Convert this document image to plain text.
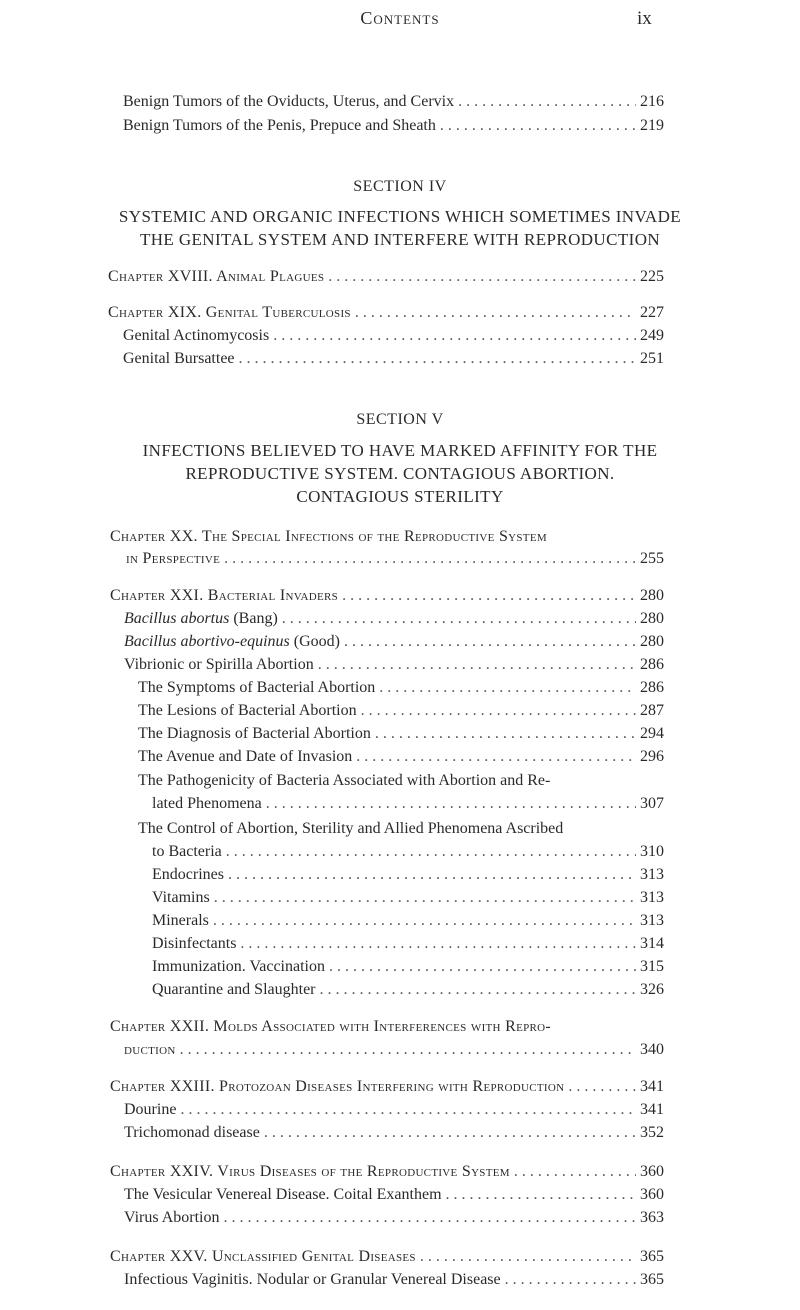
Contents	ix
Benign Tumors of the Oviducts, Uterus, and Cervix . . .	216
Benign Tumors of the Penis, Prepuce and Sheath . . .	219
SECTION IV
SYSTEMIC AND ORGANIC INFECTIONS WHICH SOMETIMES INVADE
THE GENITAL SYSTEM AND INTERFERE WITH REPRODUCTION
Chapter XVIII. Animal Plagues . . .	225
Chapter XIX. Genital Tuberculosis . . .	227
Genital Actinomycosis . . .	249
Genital Bursattee . . .	251
SECTION V
INFECTIONS BELIEVED TO HAVE MARKED AFFINITY FOR THE
REPRODUCTIVE SYSTEM. CONTAGIOUS ABORTION.
CONTAGIOUS STERILITY
Chapter XX. The Special Infections of the Reproductive System
in Perspective . . .	255
Chapter XXI. Bacterial Invaders . . .	280
Bacillus abortus (Bang) . . .	280
Bacillus abortivo-equinus (Good) . . .	280
Vibrionic or Spirilla Abortion . . .	286
The Symptoms of Bacterial Abortion . . .	286
The Lesions of Bacterial Abortion . . .	287
The Diagnosis of Bacterial Abortion . . .	294
The Avenue and Date of Invasion . . .	296
The Pathogenicity of Bacteria Associated with Abortion and Re-
lated Phenomena . . .	307
The Control of Abortion, Sterility and Allied Phenomena Ascribed
to Bacteria . . .	310
Endocrines . . .	313
Vitamins . . .	313
Minerals . . .	313
Disinfectants . . .	314
Immunization. Vaccination . . .	315
Quarantine and Slaughter . . .	326
Chapter XXII. Molds Associated with Interferences with Repro-
duction . . .	340
Chapter XXIII. Protozoan Diseases Interfering with Reproduction . . .	341
Dourine . . .	341
Trichomonad disease . . .	352
Chapter XXIV. Virus Diseases of the Reproductive System . . .	360
The Vesicular Venereal Disease. Coital Exanthem . . .	360
Virus Abortion . . .	363
Chapter XXV. Unclassified Genital Diseases . . .	365
Infectious Vaginitis. Nodular or Granular Venereal Disease . . .	365
